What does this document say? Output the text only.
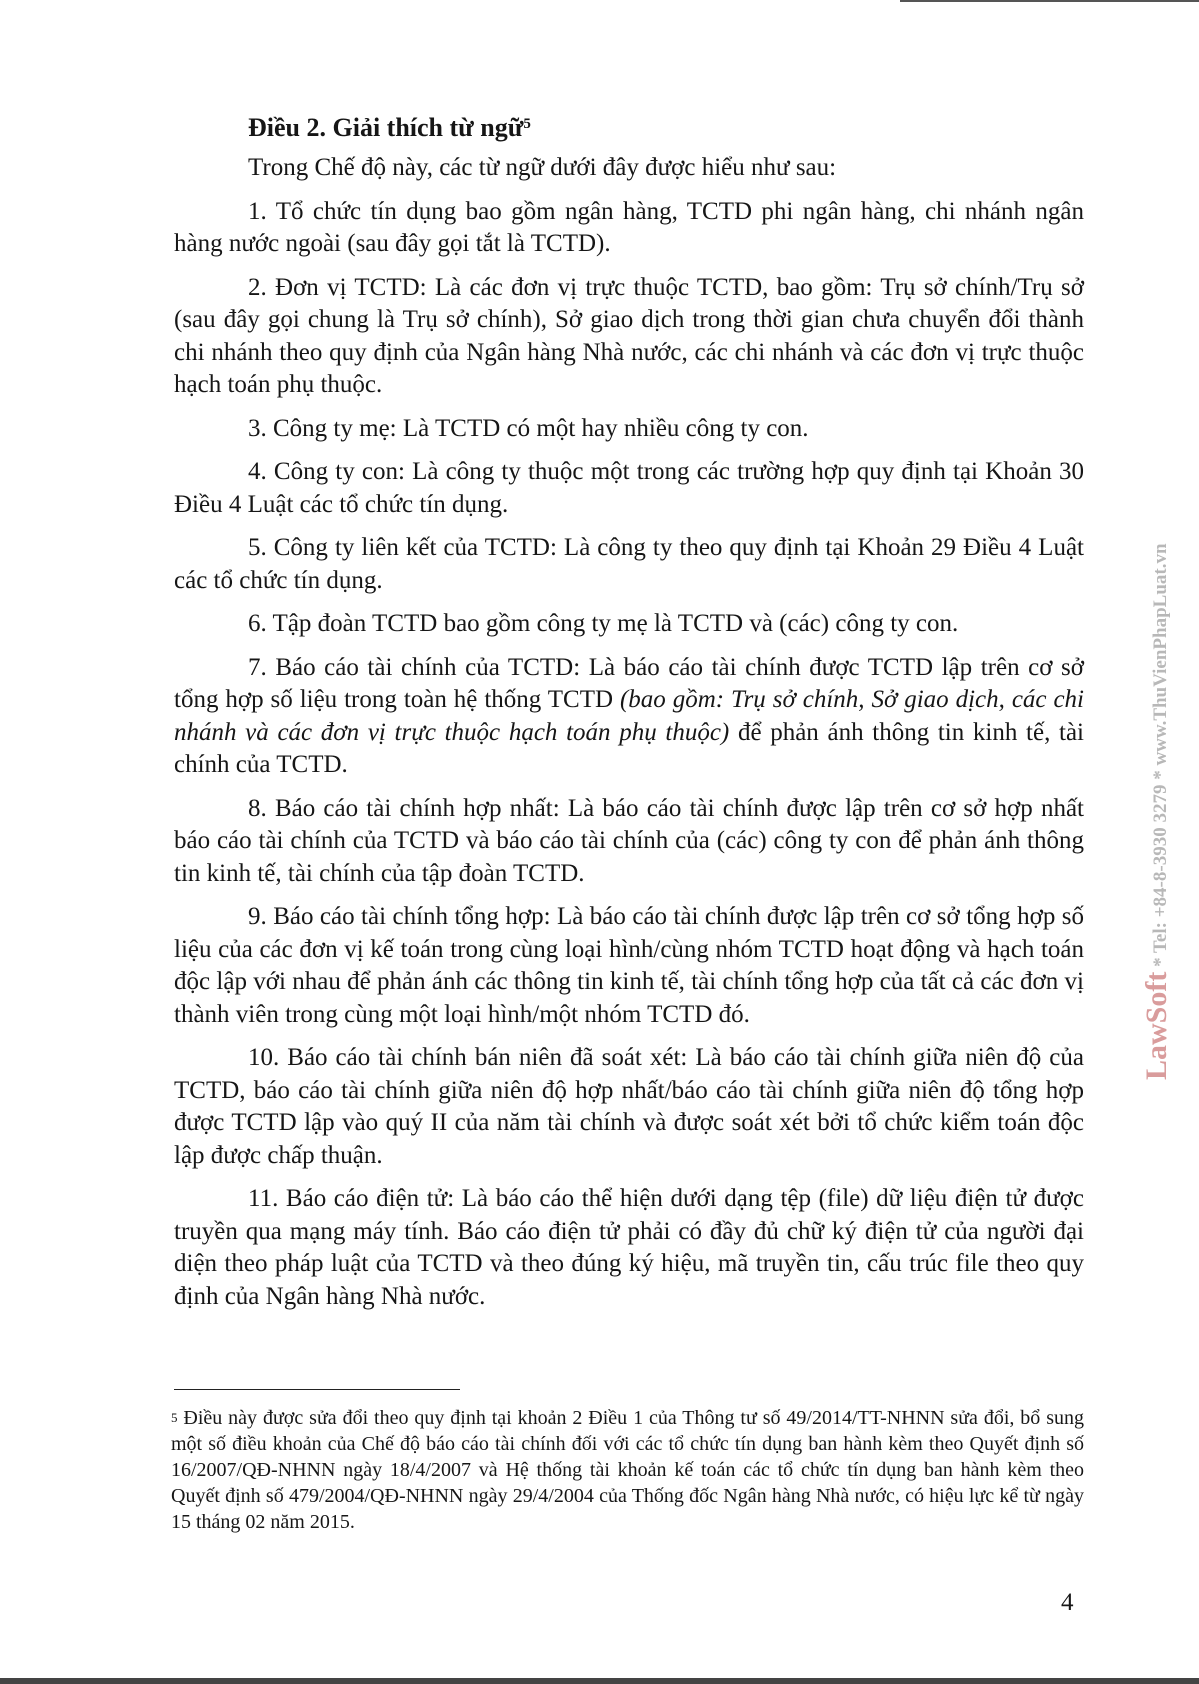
Điều 2. Giải thích từ ngữ$^5$

Trong Chế độ này, các từ ngữ dưới đây được hiểu như sau:

1. Tổ chức tín dụng bao gồm ngân hàng, TCTD phi ngân hàng, chi nhánh ngân hàng nước ngoài (sau đây gọi tắt là TCTD).

2. Đơn vị TCTD: Là các đơn vị trực thuộc TCTD, bao gồm: Trụ sở chính/Trụ sở (sau đây gọi chung là Trụ sở chính), Sở giao dịch trong thời gian chưa chuyển đổi thành chi nhánh theo quy định của Ngân hàng Nhà nước, các chi nhánh và các đơn vị trực thuộc hạch toán phụ thuộc.

3. Công ty mẹ: Là TCTD có một hay nhiều công ty con.

4. Công ty con: Là công ty thuộc một trong các trường hợp quy định tại Khoản 30 Điều 4 Luật các tổ chức tín dụng.

5. Công ty liên kết của TCTD: Là công ty theo quy định tại Khoản 29 Điều 4 Luật các tổ chức tín dụng.

6. Tập đoàn TCTD bao gồm công ty mẹ là TCTD và (các) công ty con.

7. Báo cáo tài chính của TCTD: Là báo cáo tài chính được TCTD lập trên cơ sở tổng hợp số liệu trong toàn hệ thống TCTD (bao gồm: Trụ sở chính, Sở giao dịch, các chi nhánh và các đơn vị trực thuộc hạch toán phụ thuộc) để phản ánh thông tin kinh tế, tài chính của TCTD.

8. Báo cáo tài chính hợp nhất: Là báo cáo tài chính được lập trên cơ sở hợp nhất báo cáo tài chính của TCTD và báo cáo tài chính của (các) công ty con để phản ánh thông tin kinh tế, tài chính của tập đoàn TCTD.

9. Báo cáo tài chính tổng hợp: Là báo cáo tài chính được lập trên cơ sở tổng hợp số liệu của các đơn vị kế toán trong cùng loại hình/cùng nhóm TCTD hoạt động và hạch toán độc lập với nhau để phản ánh các thông tin kinh tế, tài chính tổng hợp của tất cả các đơn vị thành viên trong cùng một loại hình/một nhóm TCTD đó.

10. Báo cáo tài chính bán niên đã soát xét: Là báo cáo tài chính giữa niên độ của TCTD, báo cáo tài chính giữa niên độ hợp nhất/báo cáo tài chính giữa niên độ tổng hợp được TCTD lập vào quý II của năm tài chính và được soát xét bởi tổ chức kiểm toán độc lập được chấp thuận.

11. Báo cáo điện tử: Là báo cáo thể hiện dưới dạng tệp (file) dữ liệu điện tử được truyền qua mạng máy tính. Báo cáo điện tử phải có đầy đủ chữ ký điện tử của người đại diện theo pháp luật của TCTD và theo đúng ký hiệu, mã truyền tin, cấu trúc file theo quy định của Ngân hàng Nhà nước.

$^5$ Điều này được sửa đổi theo quy định tại khoản 2 Điều 1 của Thông tư số 49/2014/TT-NHNN sửa đổi, bổ sung một số điều khoản của Chế độ báo cáo tài chính đối với các tổ chức tín dụng ban hành kèm theo Quyết định số 16/2007/QĐ-NHNN ngày 18/4/2007 và Hệ thống tài khoản kế toán các tổ chức tín dụng ban hành kèm theo Quyết định số 479/2004/QĐ-NHNN ngày 29/4/2004 của Thống đốc Ngân hàng Nhà nước, có hiệu lực kể từ ngày 15 tháng 02 năm 2015.

4
LawSoft * Tel: +84-8-3930 3279 * www.ThuVienPhapLuat.vn
